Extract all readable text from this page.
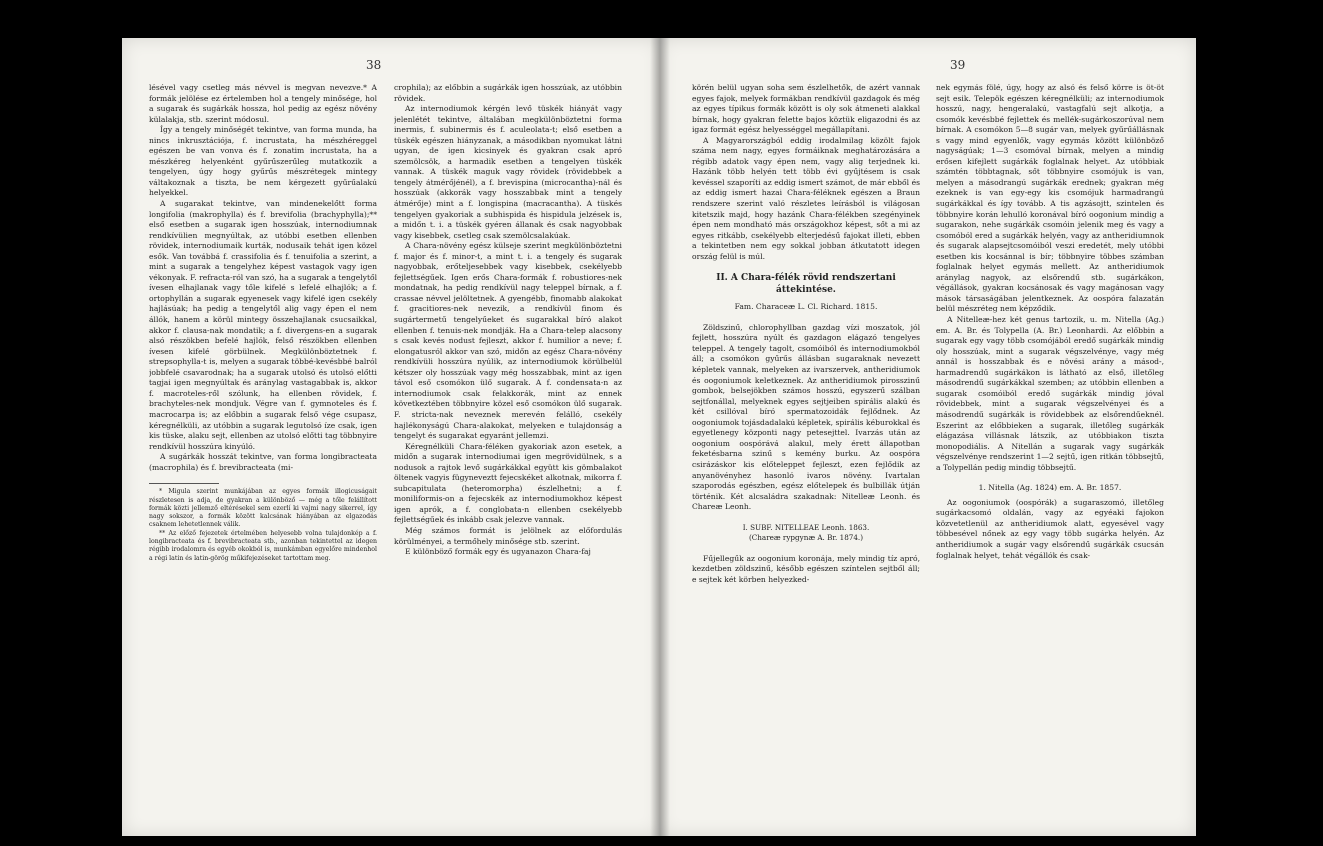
38

lésével vagy csetleg más névvel is megvan nevezve.* A formák jelölése ez értelemben hol a tengely minősége, hol a sugarak és sugárkák hossza, hol pedig az egész növény külalakja, stb. szerint módosul.

Így a tengely minőségét tekintve, van forma munda, ha nincs inkrusztációja, f. incrustata, ha mészhéreggel egészen be van vonva és f. zonatim incrustata, ha a mészkéreg helyenként gyűrűszerűleg mutatkozik a tengelyen, úgy hogy gyűrűs mészrétegek mintegy váltakoznak a tiszta, be nem kérgezett gyűrűalakú helyekkel.

A sugarakat tekintve, van mindenekelőtt forma longifolia (makrophylla) és f. brevifolia (brachyphylla);** első esetben a sugarak igen hosszúak, internodiumnak rendkívülien megnyúltak, az utóbbi esetben ellenben rövidek, internodiumaik kurták, nodusaik tehát igen közel esők. Van továbbá f. crassifolia és f. tenuifolia a szerint, a mint a sugarak a tengelyhez képest vastagok vagy igen vékonyak. F. refracta-ról van szó, ha a sugarak a tengelytől ívesen elhajlanak vagy tőle kifelé s lefelé elhajlók; a f. ortophyllán a sugarak egyenesek vagy kifelé igen csekély hajlásúak; ha pedig a tengelytől alig vagy épen el nem állók, hanem a körül mintegy összehajlanak csucsaikkal, akkor f. clausa-nak mondatik; a f. divergens-en a sugarak alsó részökben befelé hajlók, felső részökben ellenben ívesen kifelé görbülnek. Megkülönböztetnek f. strepsophylla-t is, melyen a sugarak többé-kevésbbé balról jobbfelé csavarodnak; ha a sugarak utolsó és utolsó előtti tagjai igen megnyúltak és aránylag vastagabbak is, akkor f. macroteles-ről szólunk, ha ellenben rövidek, f. brachyteles-nek mondjuk. Végre van f. gymnoteles és f. macrocarpa is; az előbbin a sugarak felső vége csupasz, kéregnélküli, az utóbbin a sugarak legutolsó íze csak, igen kis tüske, alaku sejt, ellenben az utolsó előtti tag többnyire rendkívül hosszúra kinyúló.

A sugárkák hosszát tekintve, van forma longibracteata (macrophila) és f. brevibracteata (mi-

* Migula szerint munkájában az egyes formák illogicuságait részletesen is adja, de gyakran a különböző — még a tőle felállított formák közti jellemző eltérésekel sem ezerlí ki vajmi nagy sikerrel, így nagy sokszor, a formák között kalcsának hiányában az elgazodás csaknem lehetetlennek válik.

** Az előző fejezetek értelmében helyesebb volna tulajdonkép a f. longibracteata és f. brevibracteata stb., azonban tekintettel az idegen régibb irodalomra és egyéb okokból is, munkámban egyelőre mindenhol a régi latin és latin-görög műkifejezéseket tartottam meg.

crophila); az előbbin a sugárkák igen hosszúak, az utóbbin rövidek.

Az internodiumok kérgén levő tüskék hiányát vagy jelenlétét tekintve, általában megkülönböztetni forma inermis, f. subinermis és f. aculeolata-t; első esetben a tüskék egészen hiányzanak, a másodikban nyomukat látni ugyan, de igen kicsinyek és gyakran csak apró szemölcsök, a harmadik esetben a tengelyen tüskék vannak. A tüskék maguk vagy rövidek (rövidebbek a tengely átmérőjénél), a f. brevispina (microcantha)-nál és hosszúak (akkorák vagy hosszabbak mint a tengely átmérője) mint a f. longispina (macracantha). A tüskés tengelyen gyakoriak a subhispida és hispidula jelzések is, a midőn t. i. a tüskék gyéren állanak és csak nagyobbak vagy kisebbek, csetleg csak szemölcsalakúak.

A Chara-növény egész külseje szerint megkülönböztetni f. major és f. minor-t, a mint t. i. a tengely és sugarak nagyobbak, erőteljesebbek vagy kisebbek, csekélyebb fejlettségűek. Igen erős Chara-formák f. robustiores-nek mondatnak, ha pedig rendkívül nagy teleppel bírnak, a f. crassae névvel jelöltetnek. A gyengébb, finomabb alakokat f. gracitiores-nek nevezik, a rendkívül finom és sugártermetű tengelyűeket és sugarakkal bíró alakot ellenben f. tenuis-nek mondják. Ha a Chara-telep alacsony s csak kevés nodust fejleszt, akkor f. humilior a neve; f. elongatusról akkor van szó, midőn az egész Chara-növény rendkívüli hosszúra nyúlik, az internodiumok körülbelül kétszer oly hosszúak vagy még hosszabbak, mint az igen távol eső csomókon ülő sugarak. A f. condensata-n az internodiumok csak felakkorák, mint az ennek következtében többnyire közel eső csomókon ülő sugarak. F. stricta-nak neveznek merevén felálló, csekély hajlékonyságú Chara-alakokat, melyeken e tulajdonság a tengelyt és sugarakat egyaránt jellemzi.

Kéregnélküli Chara-féléken gyakoriak azon esetek, a midőn a sugarak internodiumai igen megrövidülnek, s a nodusok a rajtok levő sugárkákkal együtt kis gömbalakot öltenek vagyis fügyneveztt fejecskéket alkotnak, mikorra f. subcapitulata (heteromorpha) észlelhetni; a f. moniliformis-on a fejecskék az internodiumokhoz képest igen aprók, a f. conglobata-n ellenben csekélyebb fejlettségűek és inkább csak jelezve vannak.

Még számos formát is jelölnek az előfordulás körülményei, a termőhely minősége stb. szerint.

E különböző formák egy és ugyanazon Chara-faj

39

körén belül ugyan soha sem észlelhetők, de azért vannak egyes fajok, melyek formákban rendkívül gazdagok és még az egyes típikus formák között is oly sok átmeneti alakkal bírnak, hogy gyakran felette bajos köztük eligazodni és az igaz formát egész helyességgel megállapítani.

A Magyarországból eddig irodalmilag közölt fajok száma nem nagy, egyes formáiknak meghatározására a régibb adatok vagy épen nem, vagy alig terjednek ki. Hazánk több helyén tett több évi gyűjtésem is csak kevéssel szaporíti az eddig ismert számot, de már ebből és az eddig ismert hazai Chara-féléknek egészen a Braun rendszere szerint való részletes leírásból is világosan kitetszik majd, hogy hazánk Chara-félékben szegényinek épen nem mondható más országokhoz képest, sőt a mi az egyes ritkább, csekélyebb elterjedésű fajokat illeti, ebben a tekintetben nem egy sokkal jobban átkutatott idegen ország felül is múl.

II. A Chara-félék rövid rendszertani áttekintése.

Fam. Characeæ L. Cl. Richard. 1815.

Zöldszinű, chlorophyllban gazdag vízi moszatok, jól fejlett, hosszúra nyúlt és gazdagon elágazó tengelyes teleppel. A tengely tagolt, csomóiból és internodiumokból áll; a csomókon gyűrűs állásban sugaraknak nevezett képletek vannak, melyeken az ivarszervek, antheridiumok és oogoniumok keletkeznek. Az antheridiumok pirosszinű gombok, belsejökben számos hosszú, egyszerű szálban sejtfonállal, melyeknek egyes sejtjeiben spirális alakú és két csillóval bíró spermatozoidák fejlődnek. Az oogoniumok tojásdadalakú képletek, spirális kéburokkal és egyetlenegy központi nagy petesejttel. Ivarzás után az oogonium oospórává alakul, mely érett állapotban feketésbarna szinű s kemény burku. Az oospóra csirázáskor kis előteleppet fejleszt, ezen fejlődik az anyanövényhez hasonló ivaros növény. Ivartalan szaporodás egészben, egész előtelepek és bulbillák útján történik. Két alcsaládra szakadnak: Nitelleæ Leonh. és Chareæ Leonh.

I. SUBF. NITELLEAE Leonh. 1863.

(Chareæ rypgynæ A. Br. 1874.)

Fűjellegűk az oogonium koronája, mely mindig tíz apró, kezdetben zöldszinű, később egészen színtelen sejtből áll; e sejtek két körben helyezked-

nek egymás fölé, úgy, hogy az alsó és felső körre is öt-öt sejt esik. Telepök egészen kéregnélküli; az internodiumok hosszú, nagy, hengeralakú, vastagfalú sejt alkotja, a csomók kevésbbé fejlettek és mellék-sugárkoszorúval nem bírnak. A csomókon 5—8 sugár van, melyek gyűrűállásnak s vagy mind egyenlők, vagy egymás között különböző nagyságúak; 1—3 csomóval bírnak, melyen a mindig erősen kifejlett sugárkák foglalnak helyet. Az utóbbiak számtén többtagnak, sőt többnyire csomójuk is van, melyen a másodrangú sugárkák erednek; gyakran még ezeknek is van egy-egy kis csomójuk harmadrangú sugárkákkal és így tovább. A tis agzásojtt, szintelen és többnyire korán lehulló koronával bíró oogonium mindig a sugarakon, nehe sugárkák csomóin jelenik meg és vagy a csomóból ered a sugárkák helyén, vagy az antheridiumnok és sugarak alapsejtcsomóiból veszi eredetét, mely utóbbi esetben kis kocsánnal is bír; többnyire többes számban foglalnak helyet egymás mellett. Az antheridiumok aránylag nagyok, az elsőrendű stb. sugárkákon, végállások, gyakran kocsánosak és vagy magánosan vagy mások társaságában jelentkeznek. Az oospóra falazatán belül mészréteg nem képződik.

A Nitelleæ-hez két genus tartozik, u. m. Nitella (Ag.) em. A. Br. és Tolypella (A. Br.) Leonhardi. Az előbbin a sugarak egy vagy több csomójából eredő sugárkák mindig oly hosszúak, mint a sugarak végszelvénye, vagy még annál is hosszabbak és e növési arány a másod-, harmadrendű sugárkákon is látható az első, illetőleg másodrendű sugárkákkal szemben; az utóbbin ellenben a sugarak csomóiból eredő sugárkák mindig jóval rövidebbek, mint a sugarak végszelvényei és a másodrendű sugárkák is rövidebbek az elsőrendűeknél. Eszerint az előbbieken a sugarak, illetőleg sugárkák elágazása villásnak látszik, az utóbbiakon tiszta monopodiális. A Nitellán a sugarak vagy sugárkák végszelvénye rendszerint 1—2 sejtű, igen ritkán többsejtű, a Tolypellán pedig mindig többsejtű.

1. Nitella (Ag. 1824) em. A. Br. 1857.

Az oogoniumok (oospórák) a sugaraszomó, illetőleg sugárkacsomó oldalán, vagy az egyéaki fajokon közvetetlenül az antheridiumok alatt, egyesével vagy többesével nőnek az egy vagy több sugárka helyén. Az antheridiumok a sugár vagy elsőrendű sugárkák csucsán foglalnak helyet, tehát végállók és csak-
